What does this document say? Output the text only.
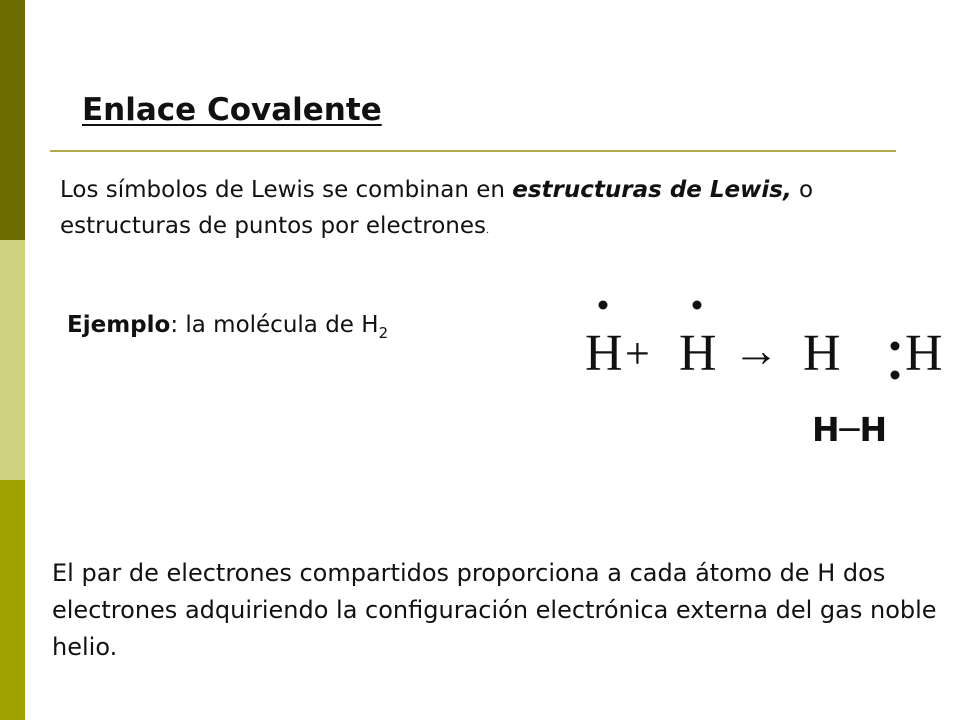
Enlace Covalente
Los símbolos de Lewis se combinan en estructuras de Lewis, o estructuras de puntos por electrones.
Ejemplo: la molécula de $H_2$	H + H → H H
H─H
El par de electrones compartidos proporciona a cada átomo de H dos electrones adquiriendo la configuración electrónica externa del gas noble helio.
